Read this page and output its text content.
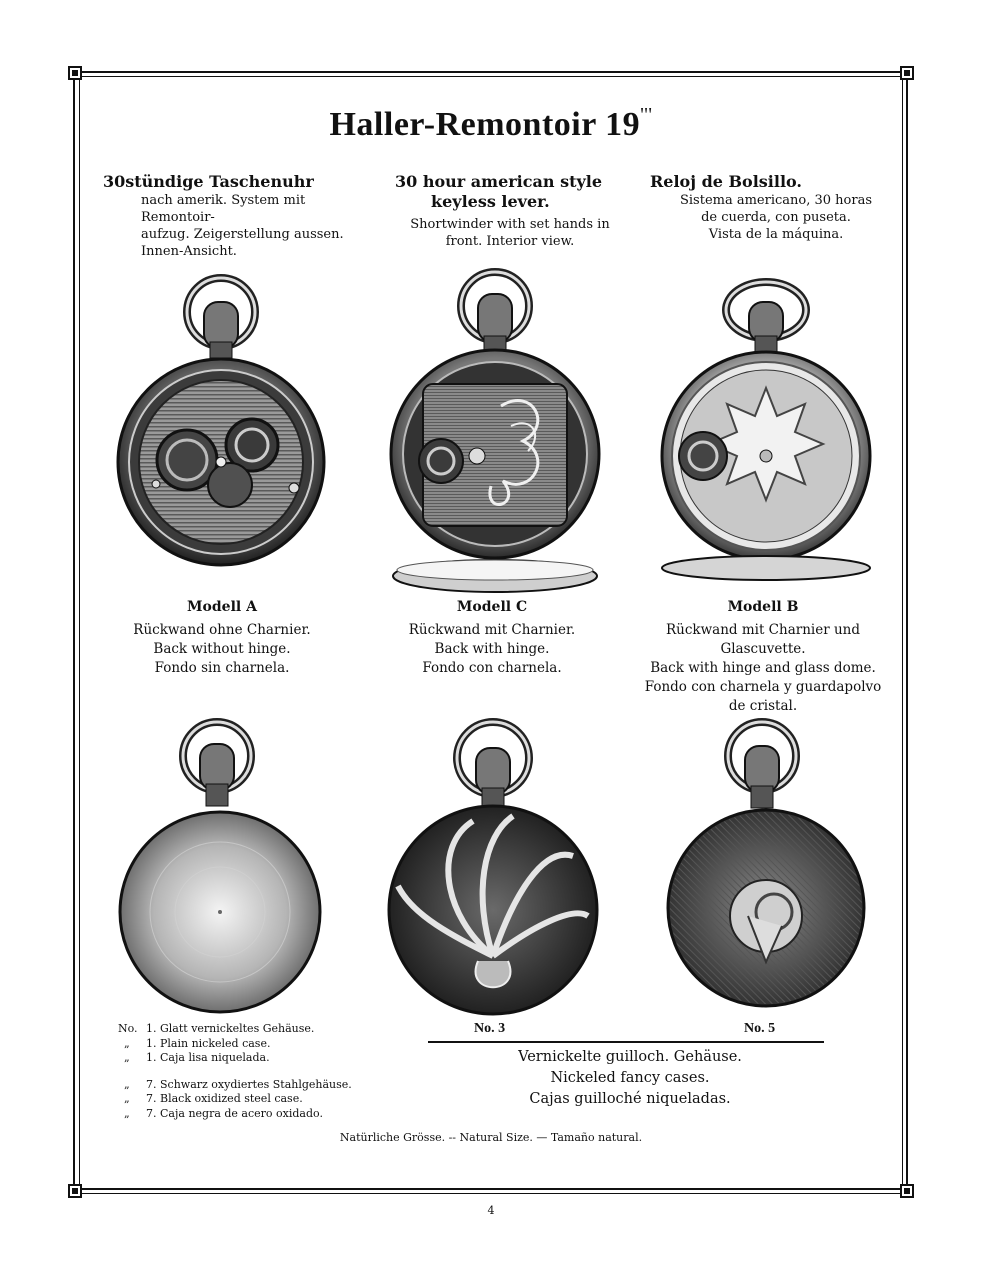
Haller-Remontoir 19'''
30stündige Taschenuhr
nach amerik. System mit Remontoir-
aufzug. Zeigerstellung aussen.
Innen-Ansicht.
30 hour american style
keyless lever.
Shortwinder with set hands in
front. Interior view.
Reloj de Bolsillo.
Sistema americano, 30 horas
de cuerda, con puseta.
Vista de la máquina.
Modell A
Rückwand ohne Charnier.
Back without hinge.
Fondo sin charnela.
Modell C
Rückwand mit Charnier.
Back with hinge.
Fondo con charnela.
Modell B
Rückwand mit Charnier und Glascuvette.
Back with hinge and glass dome.
Fondo con charnela y guardapolvo
de cristal.
No. 1. Glatt vernickeltes Gehäuse.
„	1. Plain nickeled case.
„	1. Caja lisa niquelada.
„	7. Schwarz oxydiertes Stahlgehäuse.
„	7. Black oxidized steel case.
„	7. Caja negra de acero oxidado.
No. 3	No. 5
Vernickelte guilloch. Gehäuse.
Nickeled fancy cases.
Cajas guilloché niqueladas.
Natürliche Grösse. -- Natural Size. — Tamaño natural.
4
